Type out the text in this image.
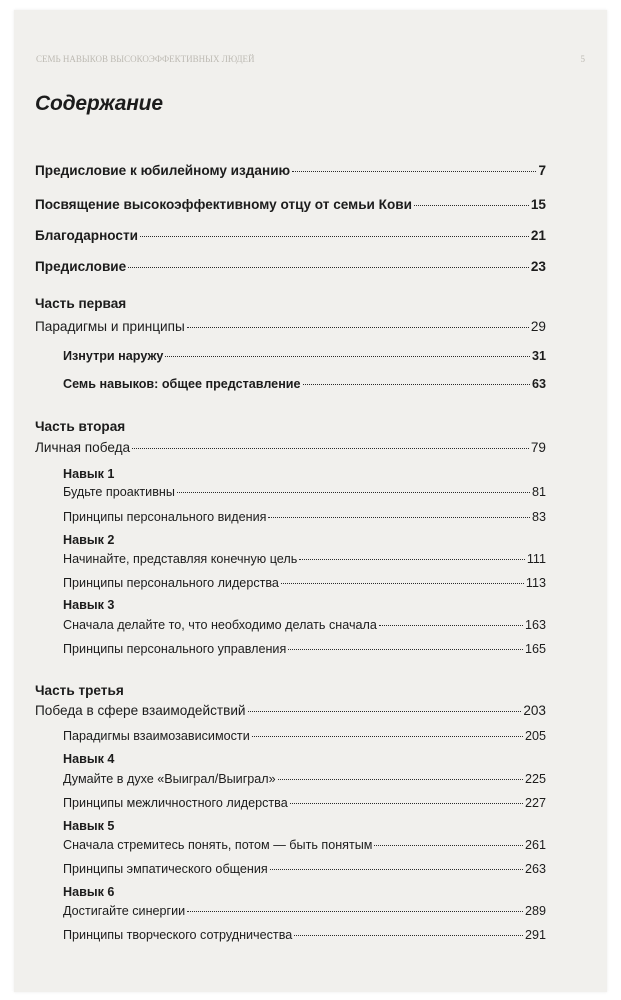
СЕМЬ НАВЫКОВ ВЫСОКОЭФФЕКТИВНЫХ ЛЮДЕЙ	5
Содержание
Предисловие к юбилейному изданию	7
Посвящение высокоэффективному отцу от семьи Кови	15
Благодарности	21
Предисловие	23
Часть первая
Парадигмы и принципы	29
Изнутри наружу	31
Семь навыков: общее представление	63
Часть вторая
Личная победа	79
Навык 1
Будьте проактивны	81
Принципы персонального видения	83
Навык 2
Начинайте, представляя конечную цель	111
Принципы персонального лидерства	113
Навык 3
Сначала делайте то, что необходимо делать сначала	163
Принципы персонального управления	165
Часть третья
Победа в сфере взаимодействий	203
Парадигмы взаимозависимости	205
Навык 4
Думайте в духе «Выиграл/Выиграл»	225
Принципы межличностного лидерства	227
Навык 5
Сначала стремитесь понять, потом — быть понятым	261
Принципы эмпатического общения	263
Навык 6
Достигайте синергии	289
Принципы творческого сотрудничества	291
